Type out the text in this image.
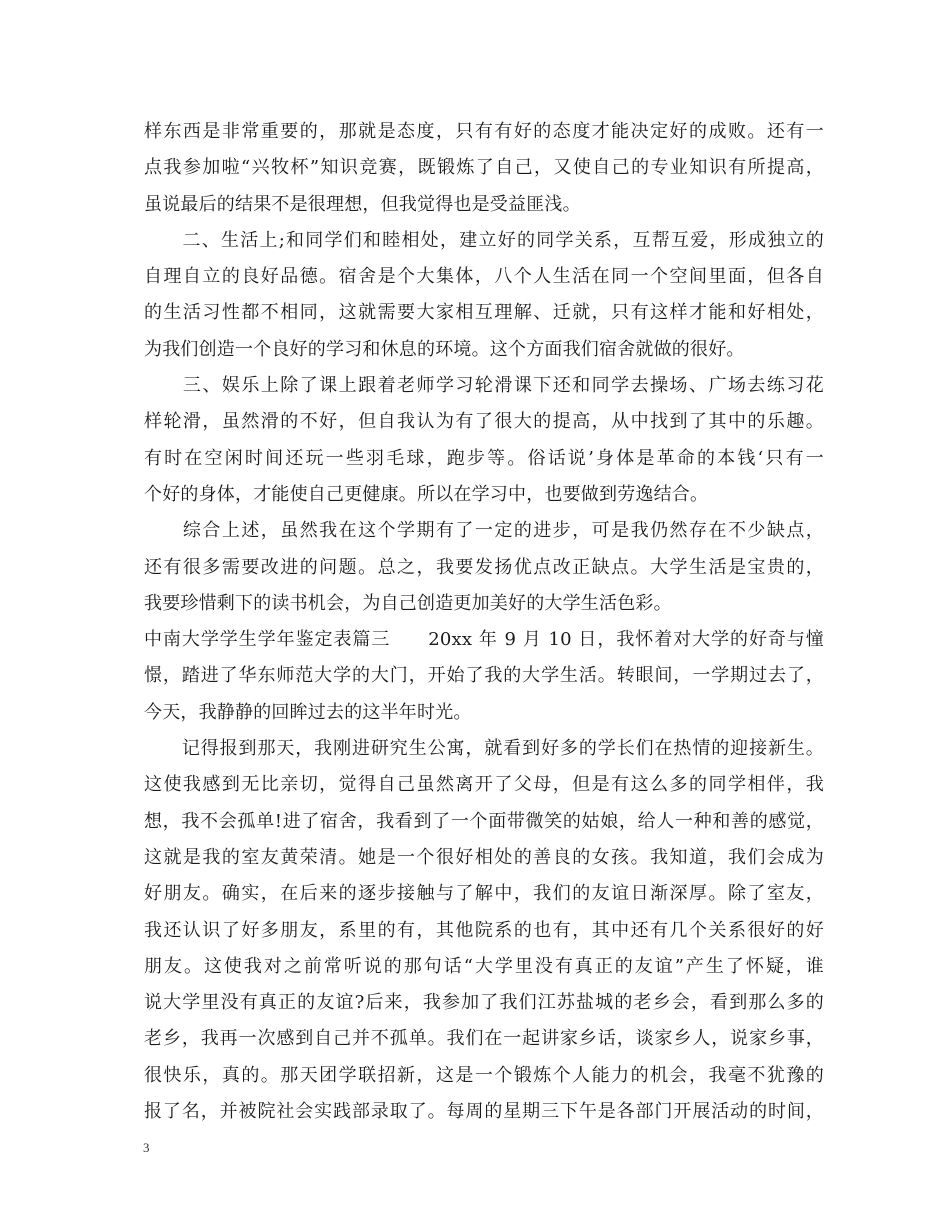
样东西是非常重要的，那就是态度，只有有好的态度才能决定好的成败。还有一
点我参加啦“兴牧杯”知识竞赛，既锻炼了自己，又使自己的专业知识有所提高，
虽说最后的结果不是很理想，但我觉得也是受益匪浅。
　　二、生活上;和同学们和睦相处，建立好的同学关系，互帮互爱，形成独立的
自理自立的良好品德。宿舍是个大集体，八个人生活在同一个空间里面，但各自
的生活习性都不相同，这就需要大家相互理解、迁就，只有这样才能和好相处，
为我们创造一个良好的学习和休息的环境。这个方面我们宿舍就做的很好。
　　三、娱乐上除了课上跟着老师学习轮滑课下还和同学去操场、广场去练习花
样轮滑，虽然滑的不好，但自我认为有了很大的提高，从中找到了其中的乐趣。
有时在空闲时间还玩一些羽毛球，跑步等。俗话说’身体是革命的本钱‘只有一
个好的身体，才能使自己更健康。所以在学习中，也要做到劳逸结合。
　　综合上述，虽然我在这个学期有了一定的进步，可是我仍然存在不少缺点，
还有很多需要改进的问题。总之，我要发扬优点改正缺点。大学生活是宝贵的，
我要珍惜剩下的读书机会，为自己创造更加美好的大学生活色彩。
中南大学学生学年鉴定表篇三　　20xx 年 9 月 10 日，我怀着对大学的好奇与憧
憬，踏进了华东师范大学的大门，开始了我的大学生活。转眼间，一学期过去了，
今天，我静静的回眸过去的这半年时光。
　　记得报到那天，我刚进研究生公寓，就看到好多的学长们在热情的迎接新生。
这使我感到无比亲切，觉得自己虽然离开了父母，但是有这么多的同学相伴，我
想，我不会孤单!进了宿舍，我看到了一个面带微笑的姑娘，给人一种和善的感觉，
这就是我的室友黄荣清。她是一个很好相处的善良的女孩。我知道，我们会成为
好朋友。确实，在后来的逐步接触与了解中，我们的友谊日渐深厚。除了室友，
我还认识了好多朋友，系里的有，其他院系的也有，其中还有几个关系很好的好
朋友。这使我对之前常听说的那句话“大学里没有真正的友谊”产生了怀疑，谁
说大学里没有真正的友谊?后来，我参加了我们江苏盐城的老乡会，看到那么多的
老乡，我再一次感到自己并不孤单。我们在一起讲家乡话，谈家乡人，说家乡事，
很快乐，真的。那天团学联招新，这是一个锻炼个人能力的机会，我毫不犹豫的
报了名，并被院社会实践部录取了。每周的星期三下午是各部门开展活动的时间，
3
